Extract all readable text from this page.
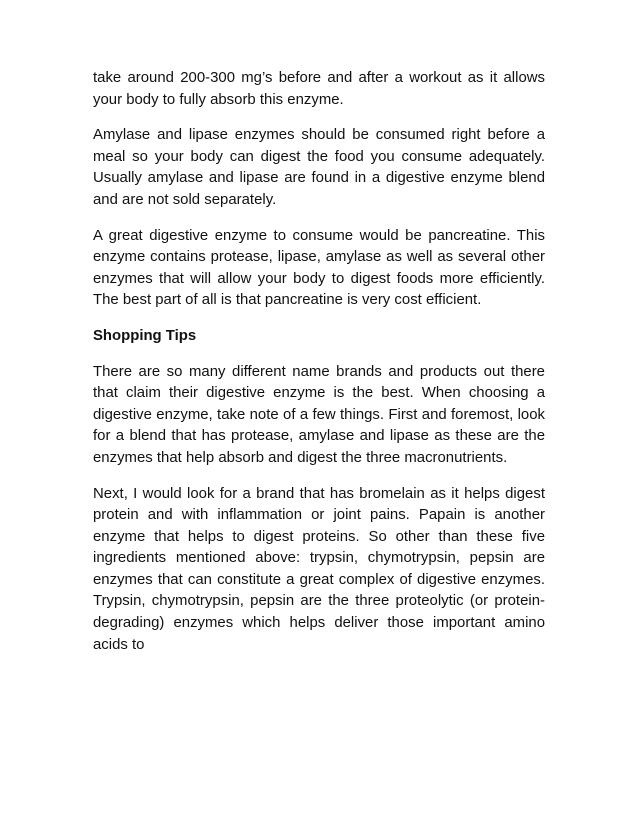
take around 200-300 mg’s before and after a workout as it allows your body to fully absorb this enzyme.

Amylase and lipase enzymes should be consumed right before a meal so your body can digest the food you consume adequately. Usually amylase and lipase are found in a digestive enzyme blend and are not sold separately.

A great digestive enzyme to consume would be pancreatine. This enzyme contains protease, lipase, amylase as well as several other enzymes that will allow your body to digest foods more efficiently. The best part of all is that pancreatine is very cost efficient.

Shopping Tips

There are so many different name brands and products out there that claim their digestive enzyme is the best. When choosing a digestive enzyme, take note of a few things. First and foremost, look for a blend that has protease, amylase and lipase as these are the enzymes that help absorb and digest the three macronutrients.

Next, I would look for a brand that has bromelain as it helps digest protein and with inflammation or joint pains. Papain is another enzyme that helps to digest proteins. So other than these five ingredients mentioned above: trypsin, chymotrypsin, pepsin are enzymes that can constitute a great complex of digestive enzymes. Trypsin, chymotrypsin, pepsin are the three proteolytic (or protein-degrading) enzymes which helps deliver those important amino acids to
